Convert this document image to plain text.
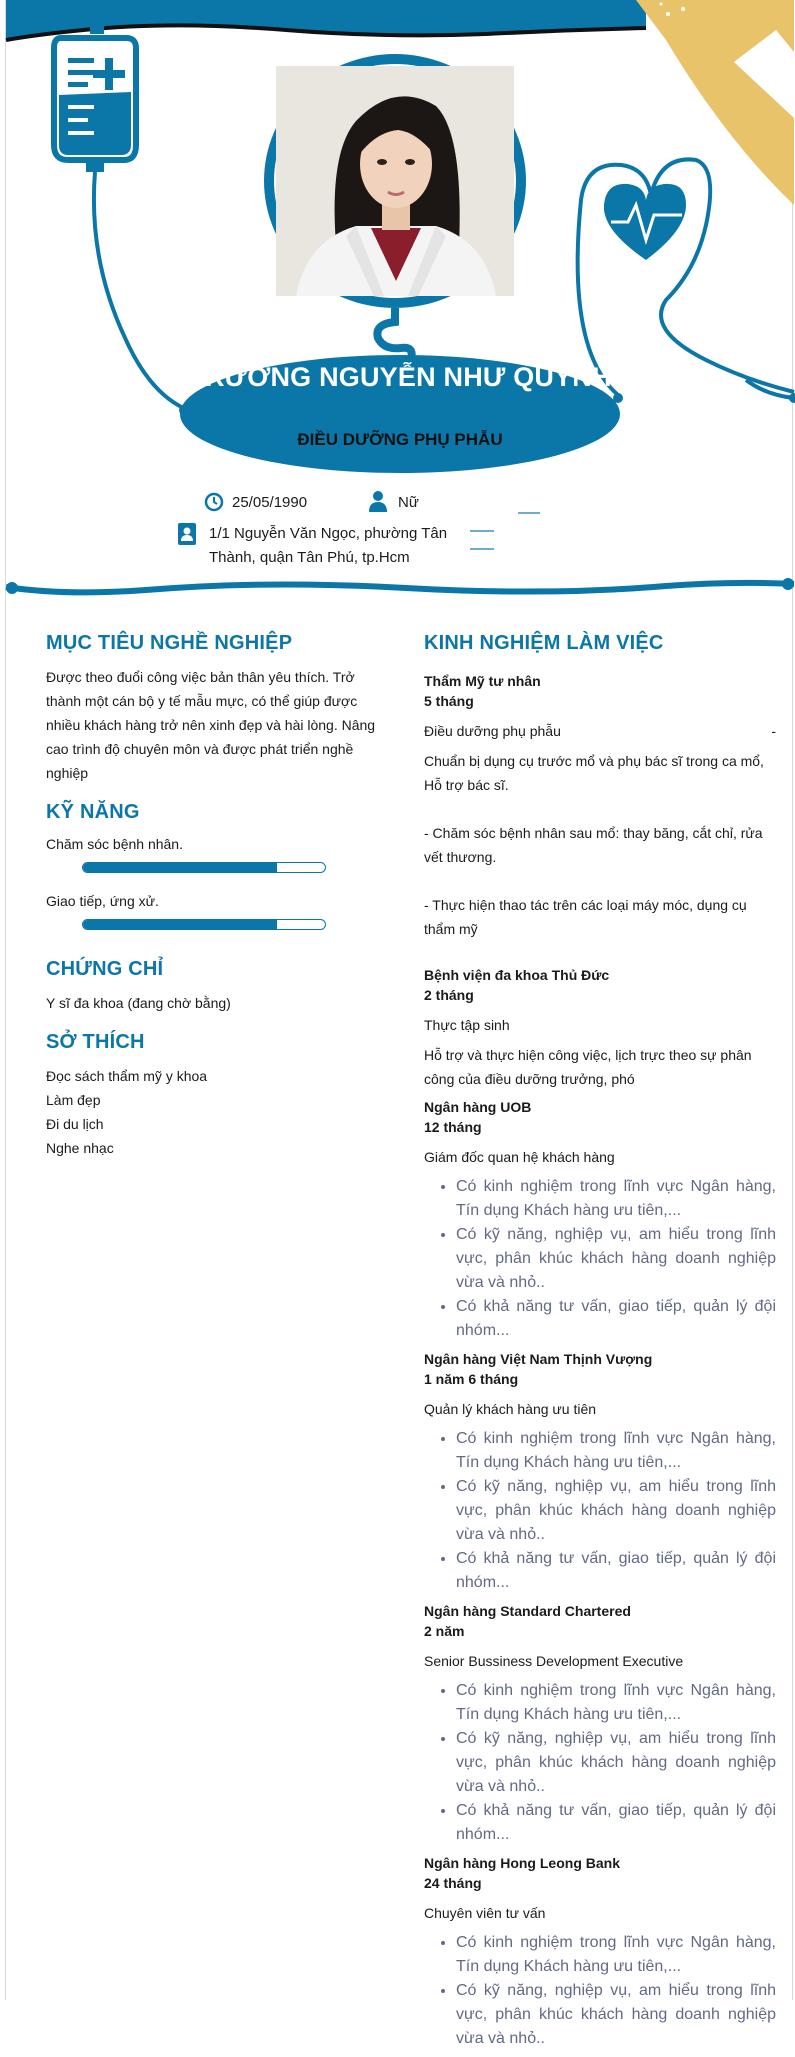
TRƯƠNG NGUYỄN NHƯ QUỲNH
ĐIỀU DƯỠNG PHỤ PHẪU
25/05/1990	Nữ
1/1 Nguyễn Văn Ngọc, phường Tân Thành, quận Tân Phú, tp.Hcm
MỤC TIÊU NGHỀ NGHIỆP
Được theo đuổi công việc bản thân yêu thích. Trở thành một cán bộ y tế mẫu mực, có thể giúp được nhiều khách hàng trở nên xinh đẹp và hài lòng. Nâng cao trình độ chuyên môn và được phát triển nghề nghiệp
KỸ NĂNG
Chăm sóc bệnh nhân.
Giao tiếp, ứng xử.
CHỨNG CHỈ
Y sĩ đa khoa (đang chờ bằng)
SỞ THÍCH
Đọc sách thẩm mỹ y khoa
Làm đẹp
Đi du lịch
Nghe nhạc
KINH NGHIỆM LÀM VIỆC
Thẩm Mỹ tư nhân
5 tháng
Điều dưỡng phụ phẫu	-
Chuẩn bị dụng cụ trước mổ và phụ bác sĩ trong ca mổ, Hỗ trợ bác sĩ.
- Chăm sóc bệnh nhân sau mổ: thay băng, cắt chỉ, rửa vết thương.
- Thực hiện thao tác trên các loại máy móc, dụng cụ thẩm mỹ
Bệnh viện đa khoa Thủ Đức
2 tháng
Thực tập sinh
Hỗ trợ và thực hiện công việc, lịch trực theo sự phân công của điều dưỡng trưởng, phó
Ngân hàng UOB
12 tháng
Giám đốc quan hệ khách hàng
• Có kinh nghiệm trong lĩnh vực Ngân hàng, Tín dụng Khách hàng ưu tiên,...
• Có kỹ năng, nghiệp vụ, am hiểu trong lĩnh vực, phân khúc khách hàng doanh nghiệp vừa và nhỏ..
• Có khả năng tư vấn, giao tiếp, quản lý đội nhóm...
Ngân hàng Việt Nam Thịnh Vượng
1 năm 6 tháng
Quản lý khách hàng ưu tiên
• Có kinh nghiệm trong lĩnh vực Ngân hàng, Tín dụng Khách hàng ưu tiên,...
• Có kỹ năng, nghiệp vụ, am hiểu trong lĩnh vực, phân khúc khách hàng doanh nghiệp vừa và nhỏ..
• Có khả năng tư vấn, giao tiếp, quản lý đội nhóm...
Ngân hàng Standard Chartered
2 năm
Senior Bussiness Development Executive
• Có kinh nghiệm trong lĩnh vực Ngân hàng, Tín dụng Khách hàng ưu tiên,...
• Có kỹ năng, nghiệp vụ, am hiểu trong lĩnh vực, phân khúc khách hàng doanh nghiệp vừa và nhỏ..
• Có khả năng tư vấn, giao tiếp, quản lý đội nhóm...
Ngân hàng Hong Leong Bank
24 tháng
Chuyên viên tư vấn
• Có kinh nghiệm trong lĩnh vực Ngân hàng, Tín dụng Khách hàng ưu tiên,...
• Có kỹ năng, nghiệp vụ, am hiểu trong lĩnh vực, phân khúc khách hàng doanh nghiệp vừa và nhỏ..
